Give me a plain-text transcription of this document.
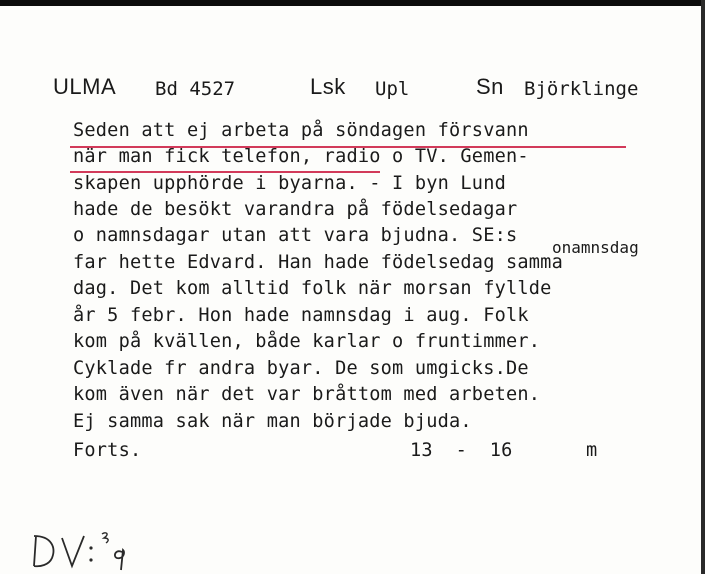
ULMA Bd 4527	Lsk Upl	Sn Björklinge
Seden att ej arbeta på söndagen försvann
när man fick telefon, radio o TV. Gemen-
skapen upphörde i byarna. - I byn Lund
hade de besökt varandra på födelsedagar
o namnsdagar utan att vara bjudna. SE:s
far hette Edvard. Han hade födelsedag samma
dag. Det kom alltid folk när morsan fyllde
år 5 febr. Hon hade namnsdag i aug. Folk
kom på kvällen, både karlar o fruntimmer.
Cyklade fr andra byar. De som umgicks.De
kom även när det var bråttom med arbeten.
Ej samma sak när man började bjuda.
onamnsdag
Forts.	13  -  16	m
